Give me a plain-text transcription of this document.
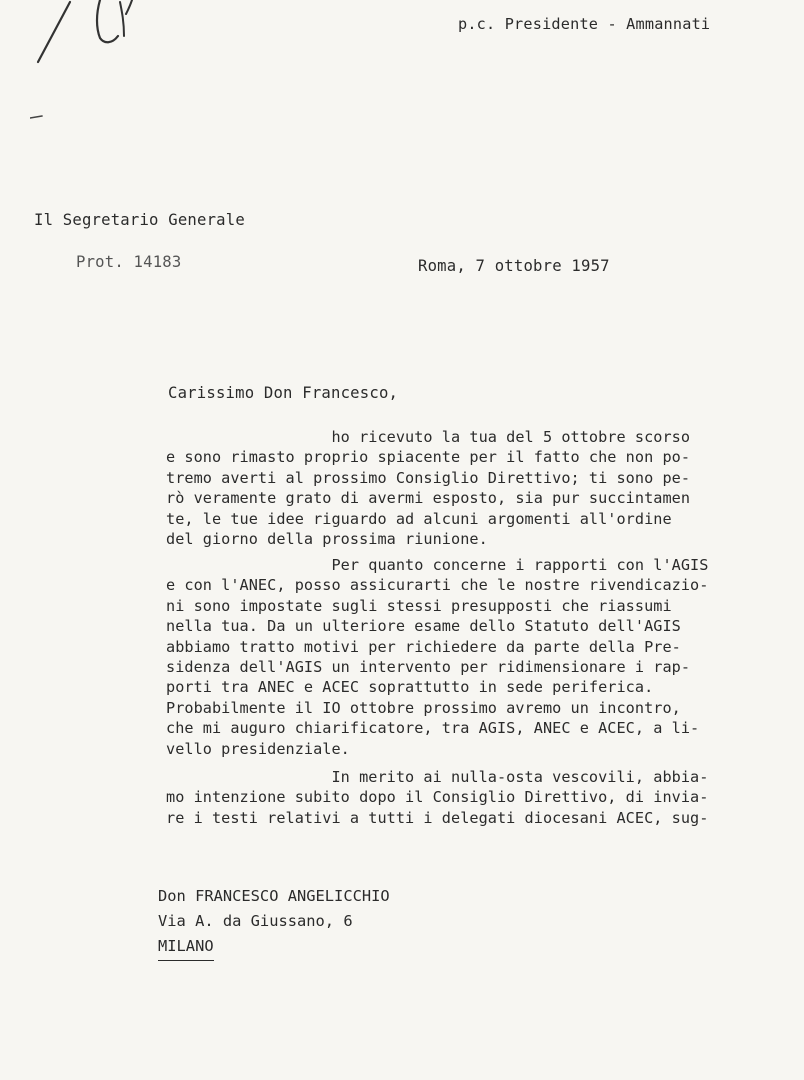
p.c. Presidente - Ammannati
Il Segretario Generale
Prot. 14183	Roma, 7 ottobre 1957
Carissimo Don Francesco,
ho ricevuto la tua del 5 ottobre scorso
e sono rimasto proprio spiacente per il fatto che non po-
tremo averti al prossimo Consiglio Direttivo; ti sono pe-
rò veramente grato di avermi esposto, sia pur succintamen
te, le tue idee riguardo ad alcuni argomenti all'ordine
del giorno della prossima riunione.
Per quanto concerne i rapporti con l'AGIS
e con l'ANEC, posso assicurarti che le nostre rivendicazio-
ni sono impostate sugli stessi presupposti che riassumi
nella tua. Da un ulteriore esame dello Statuto dell'AGIS
abbiamo tratto motivi per richiedere da parte della Pre-
sidenza dell'AGIS un intervento per ridimensionare i rap-
porti tra ANEC e ACEC soprattutto in sede periferica.
Probabilmente il IO ottobre prossimo avremo un incontro,
che mi auguro chiarificatore, tra AGIS, ANEC e ACEC, a li-
vello presidenziale.
In merito ai nulla-osta vescovili, abbia-
mo intenzione subito dopo il Consiglio Direttivo, di invia-
re i testi relativi a tutti i delegati diocesani ACEC, sug-
Don FRANCESCO ANGELICCHIO
Via A. da Giussano, 6
MILANO
